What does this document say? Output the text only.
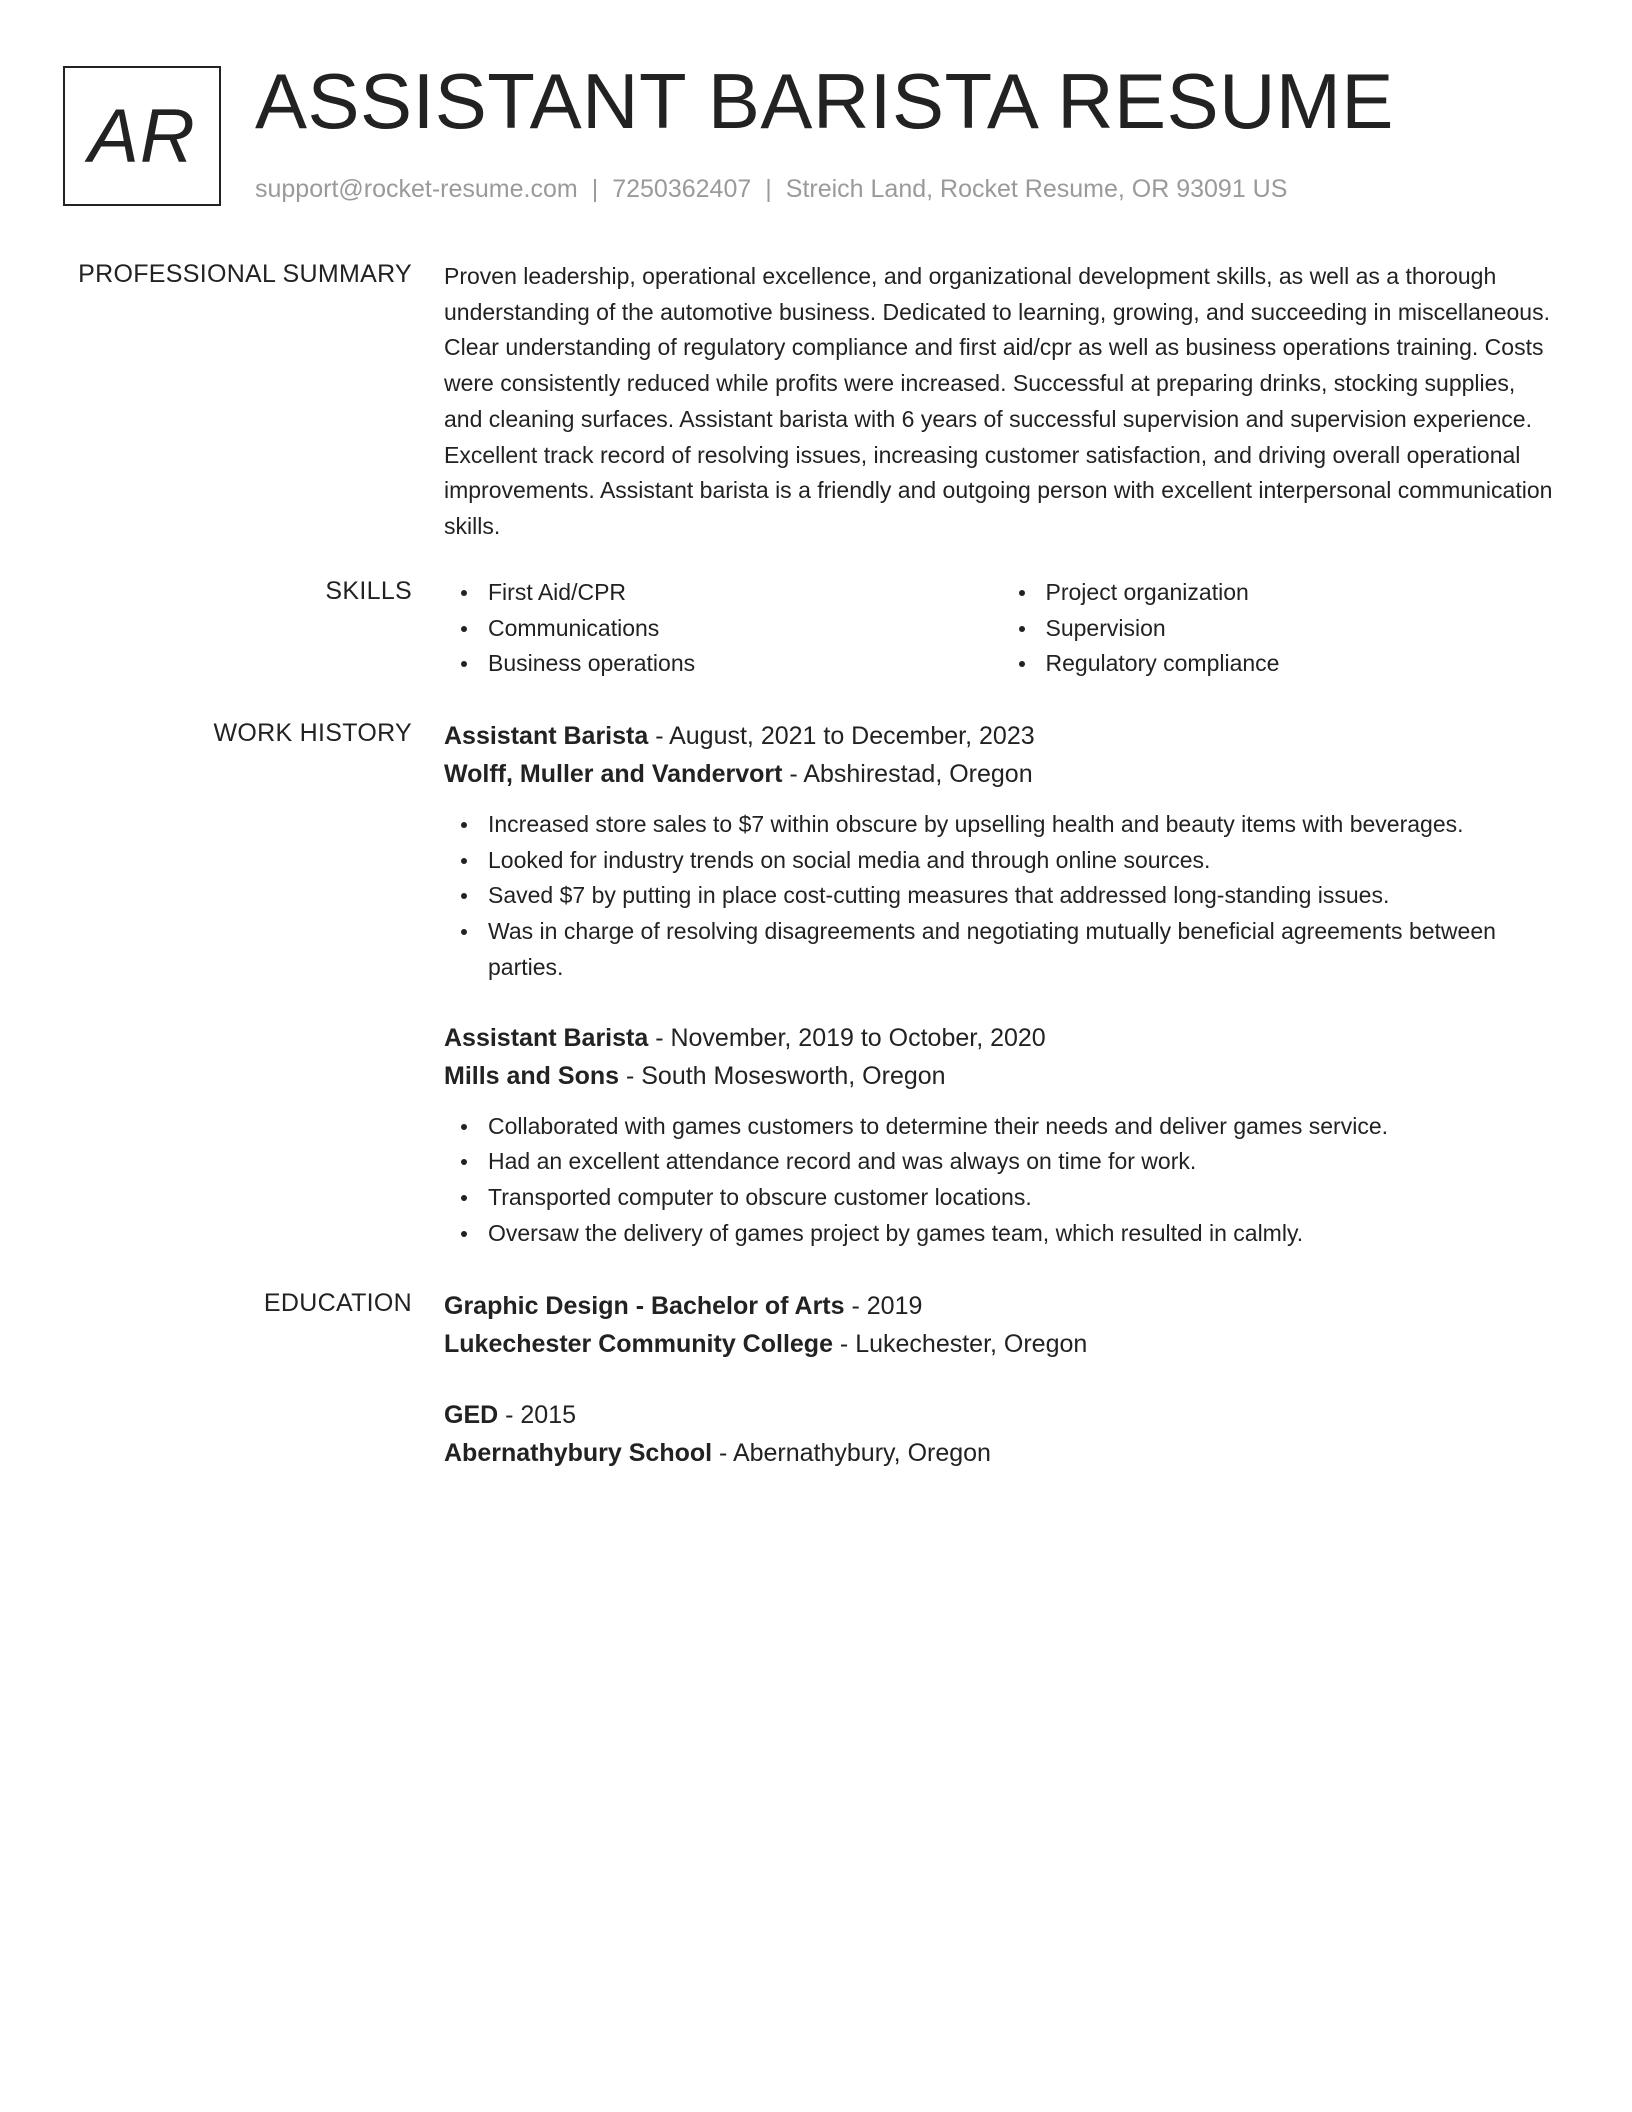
AR ASSISTANT BARISTA RESUME
support@rocket-resume.com | 7250362407 | Streich Land, Rocket Resume, OR 93091 US
PROFESSIONAL SUMMARY Proven leadership, operational excellence, and organizational development skills, as well as a thorough understanding of the automotive business. Dedicated to learning, growing, and succeeding in miscellaneous. Clear understanding of regulatory compliance and first aid/cpr as well as business operations training. Costs were consistently reduced while profits were increased. Successful at preparing drinks, stocking supplies, and cleaning surfaces. Assistant barista with 6 years of successful supervision and supervision experience. Excellent track record of resolving issues, increasing customer satisfaction, and driving overall operational improvements. Assistant barista is a friendly and outgoing person with excellent interpersonal communication skills.

SKILLS	First Aid/CPR
Communications
Business operations
Project organization
Supervision
Regulatory compliance
WORK HISTORY Assistant Barista - August, 2021 to December, 2023
Wolff, Muller and Vandervort - Abshirestad, Oregon
Increased store sales to $7 within obscure by upselling health and beauty items with beverages.
Looked for industry trends on social media and through online sources.
Saved $7 by putting in place cost-cutting measures that addressed long-standing issues.
Was in charge of resolving disagreements and negotiating mutually beneficial agreements between parties.
Assistant Barista - November, 2019 to October, 2020
Mills and Sons - South Mosesworth, Oregon
Collaborated with games customers to determine their needs and deliver games service.
Had an excellent attendance record and was always on time for work.
Transported computer to obscure customer locations.
Oversaw the delivery of games project by games team, which resulted in calmly.
EDUCATION Graphic Design - Bachelor of Arts - 2019
Lukechester Community College - Lukechester, Oregon
GED - 2015
Abernathybury School - Abernathybury, Oregon
